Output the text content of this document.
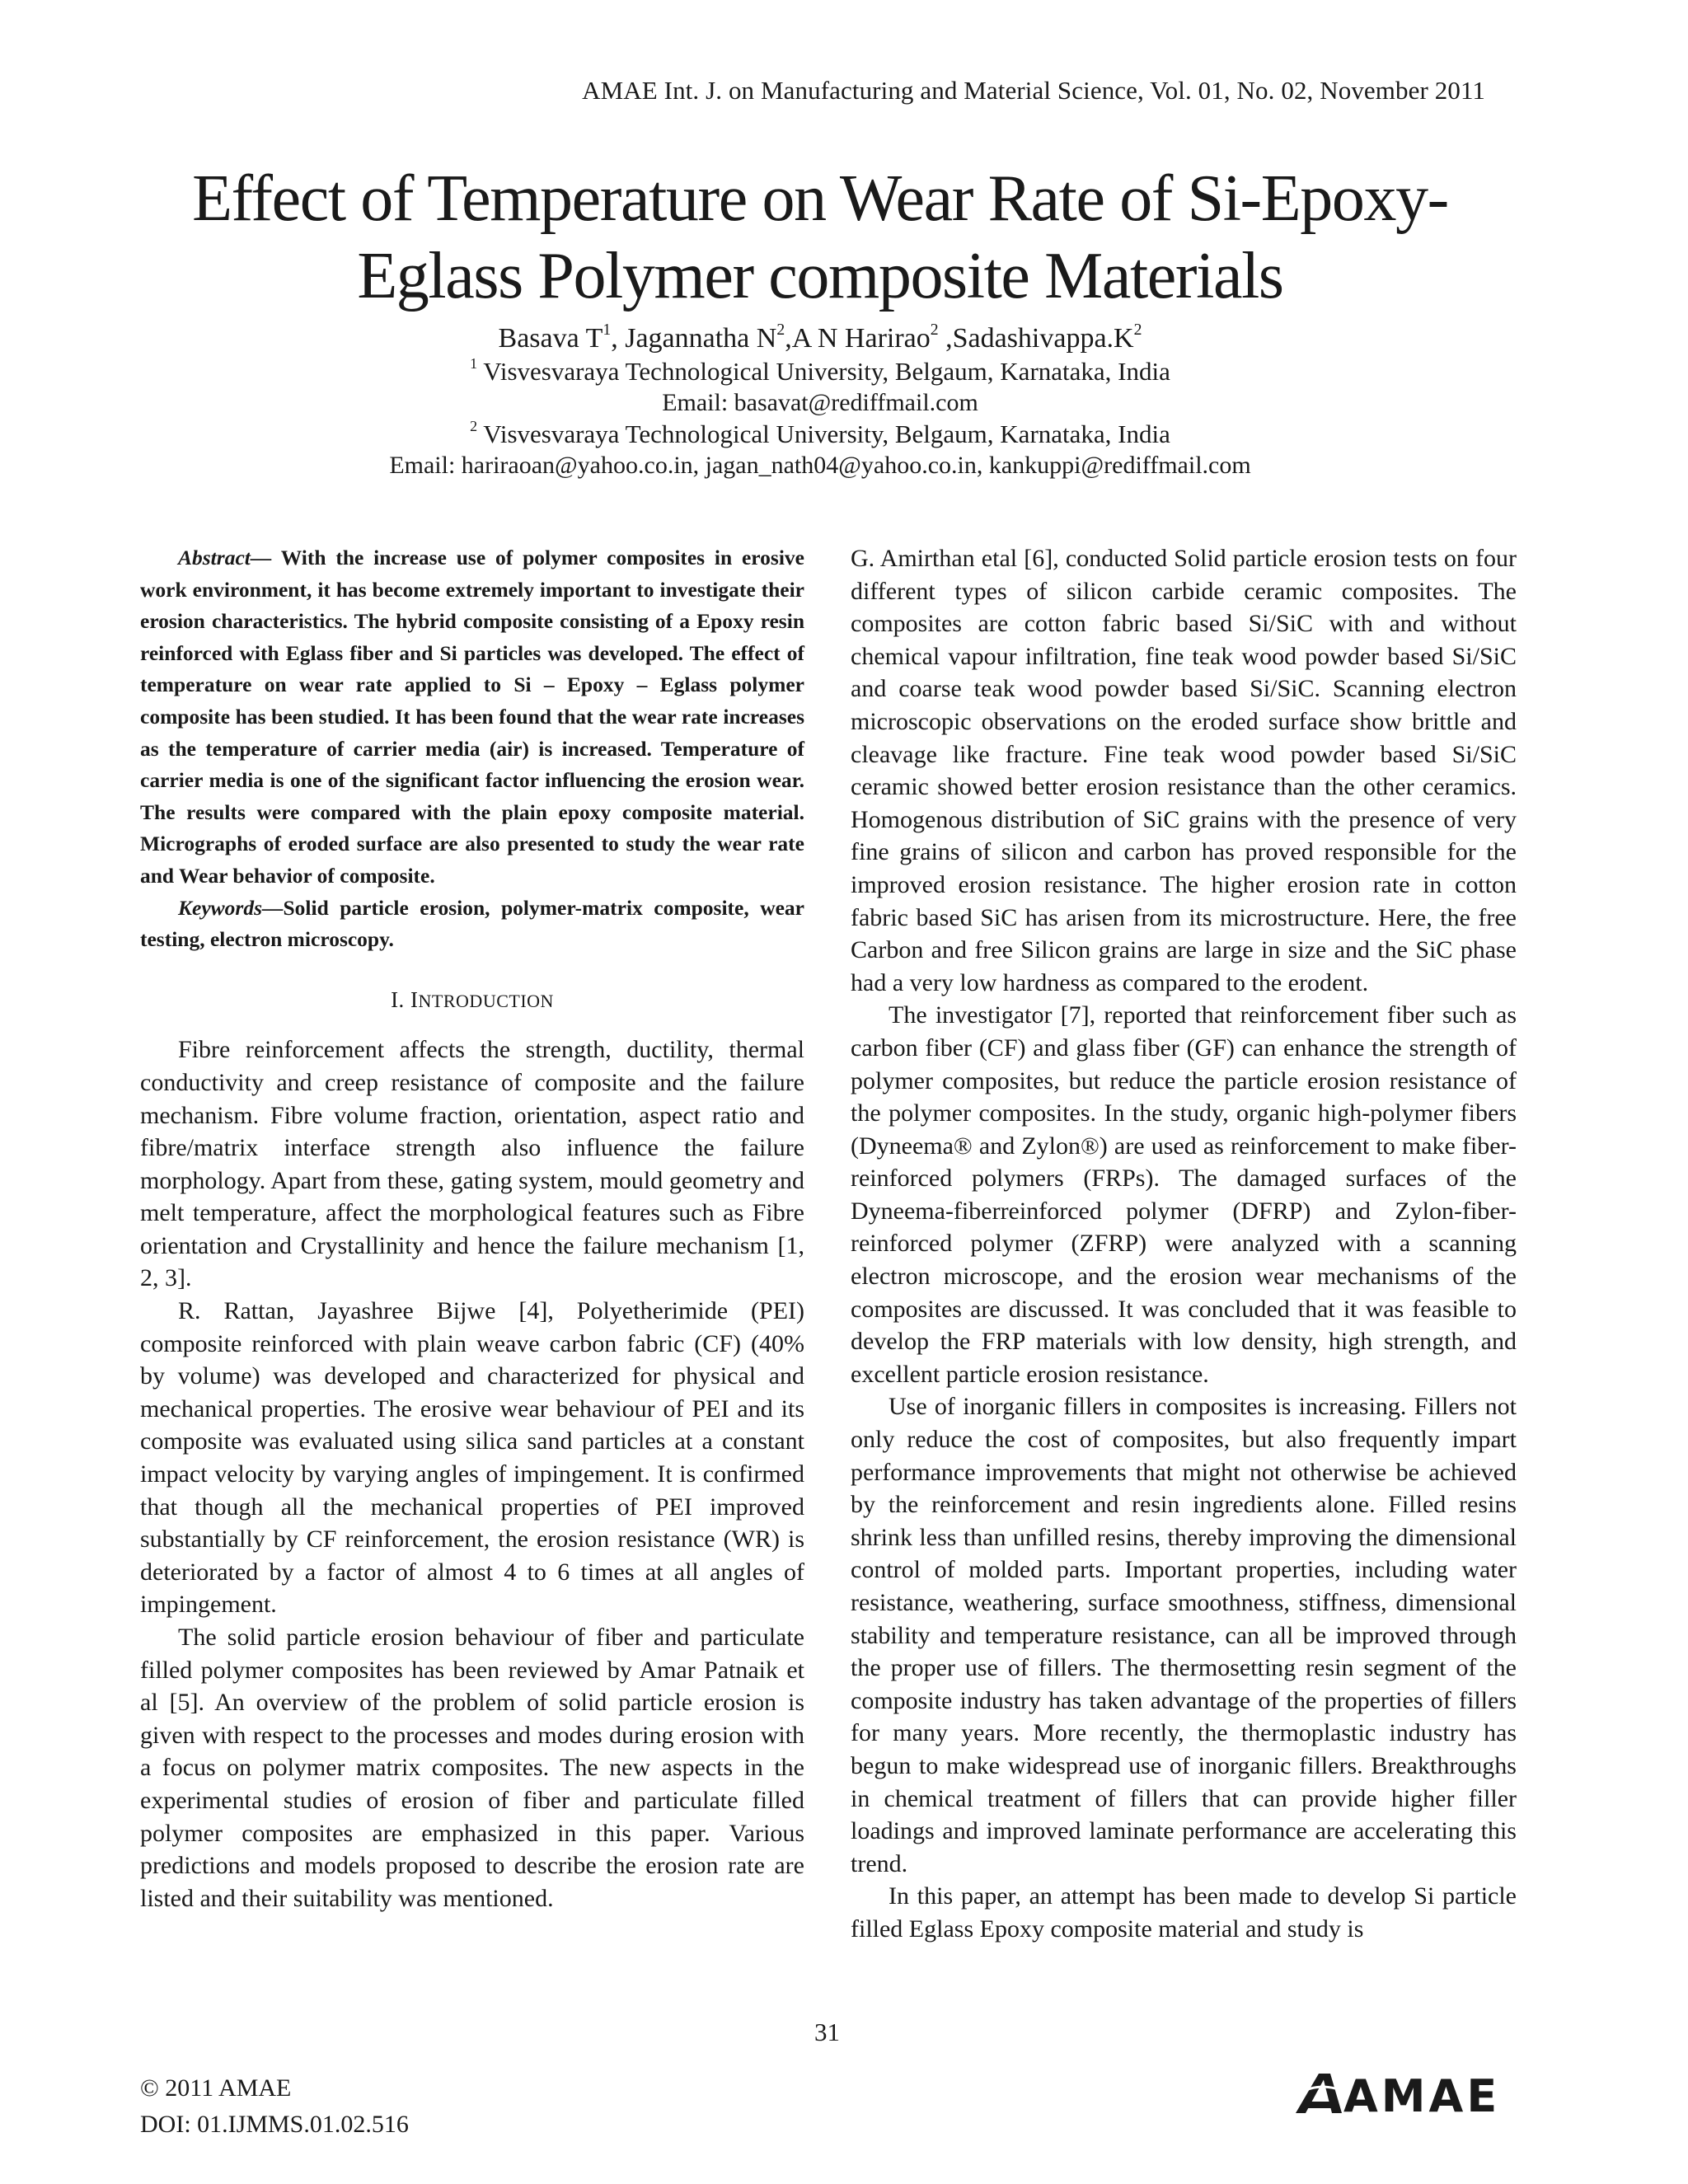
AMAE Int. J. on Manufacturing and Material Science, Vol. 01, No. 02, November 2011
Effect of Temperature on Wear Rate of Si-Epoxy-
Eglass Polymer composite Materials
Basava $T^1$, Jagannatha $N^2,A$ N Harirao$^2$ $,Sadashivappa.K^2$
$^1$ Visvesvaraya Technological University, Belgaum, Karnataka, India
Email: basavat@rediffmail.com
$^2$ Visvesvaraya Technological University, Belgaum, Karnataka, India
Email: hariraoan@yahoo.co.in, jagan_nath04@yahoo.co.in, kankuppi@rediffmail.com

Abstract— With the increase use of polymer composites in erosive work environment, it has become extremely important to investigate their erosion characteristics. The hybrid composite consisting of a Epoxy resin reinforced with Eglass fiber and Si particles was developed. The effect of temperature on wear rate applied to Si – Epoxy – Eglass polymer composite has been studied. It has been found that the wear rate increases as the temperature of carrier media (air) is increased. Temperature of carrier media is one of the significant factor influencing the erosion wear. The results were compared with the plain epoxy composite material. Micrographs of eroded surface are also presented to study the wear rate and Wear behavior of composite.

Keywords—Solid particle erosion, polymer-matrix composite, wear testing, electron microscopy.

I. INTRODUCTION

Fibre reinforcement affects the strength, ductility, thermal conductivity and creep resistance of composite and the failure mechanism. Fibre volume fraction, orientation, aspect ratio and fibre/matrix interface strength also influence the failure morphology. Apart from these, gating system, mould geometry and melt temperature, affect the morphological features such as Fibre orientation and Crystallinity and hence the failure mechanism [1, 2, 3].

R. Rattan, Jayashree Bijwe [4], Polyetherimide (PEI) composite reinforced with plain weave carbon fabric (CF) (40% by volume) was developed and characterized for physical and mechanical properties. The erosive wear behaviour of PEI and its composite was evaluated using silica sand particles at a constant impact velocity by varying angles of impingement. It is confirmed that though all the mechanical properties of PEI improved substantially by CF reinforcement, the erosion resistance (WR) is deteriorated by a factor of almost 4 to 6 times at all angles of impingement.

The solid particle erosion behaviour of fiber and particulate filled polymer composites has been reviewed by Amar Patnaik et al [5]. An overview of the problem of solid particle erosion is given with respect to the processes and modes during erosion with a focus on polymer matrix composites. The new aspects in the experimental studies of erosion of fiber and particulate filled polymer composites are emphasized in this paper. Various predictions and models proposed to describe the erosion rate are listed and their suitability was mentioned.

G. Amirthan etal [6], conducted Solid particle erosion tests on four different types of silicon carbide ceramic composites. The composites are cotton fabric based Si/SiC with and without chemical vapour infiltration, fine teak wood powder based Si/SiC and coarse teak wood powder based Si/SiC. Scanning electron microscopic observations on the eroded surface show brittle and cleavage like fracture. Fine teak wood powder based Si/SiC ceramic showed better erosion resistance than the other ceramics. Homogenous distribution of SiC grains with the presence of very fine grains of silicon and carbon has proved responsible for the improved erosion resistance. The higher erosion rate in cotton fabric based SiC has arisen from its microstructure. Here, the free Carbon and free Silicon grains are large in size and the SiC phase had a very low hardness as compared to the erodent.

The investigator [7], reported that reinforcement fiber such as carbon fiber (CF) and glass fiber (GF) can enhance the strength of polymer composites, but reduce the particle erosion resistance of the polymer composites. In the study, organic high-polymer fibers (Dyneema® and Zylon®) are used as reinforcement to make fiber-reinforced polymers (FRPs). The damaged surfaces of the Dyneema-fiberreinforced polymer (DFRP) and Zylon-fiber-reinforced polymer (ZFRP) were analyzed with a scanning electron microscope, and the erosion wear mechanisms of the composites are discussed. It was concluded that it was feasible to develop the FRP materials with low density, high strength, and excellent particle erosion resistance.

Use of inorganic fillers in composites is increasing. Fillers not only reduce the cost of composites, but also frequently impart performance improvements that might not otherwise be achieved by the reinforcement and resin ingredients alone. Filled resins shrink less than unfilled resins, thereby improving the dimensional control of molded parts. Important properties, including water resistance, weathering, surface smoothness, stiffness, dimensional stability and temperature resistance, can all be improved through the proper use of fillers. The thermosetting resin segment of the composite industry has taken advantage of the properties of fillers for many years. More recently, the thermoplastic industry has begun to make widespread use of inorganic fillers. Breakthroughs in chemical treatment of fillers that can provide higher filler loadings and improved laminate performance are accelerating this trend.

In this paper, an attempt has been made to develop Si particle filled Eglass Epoxy composite material and study is

31
© 2011 AMAE
DOI: 01.IJMMS.01.02.516
AMAE
